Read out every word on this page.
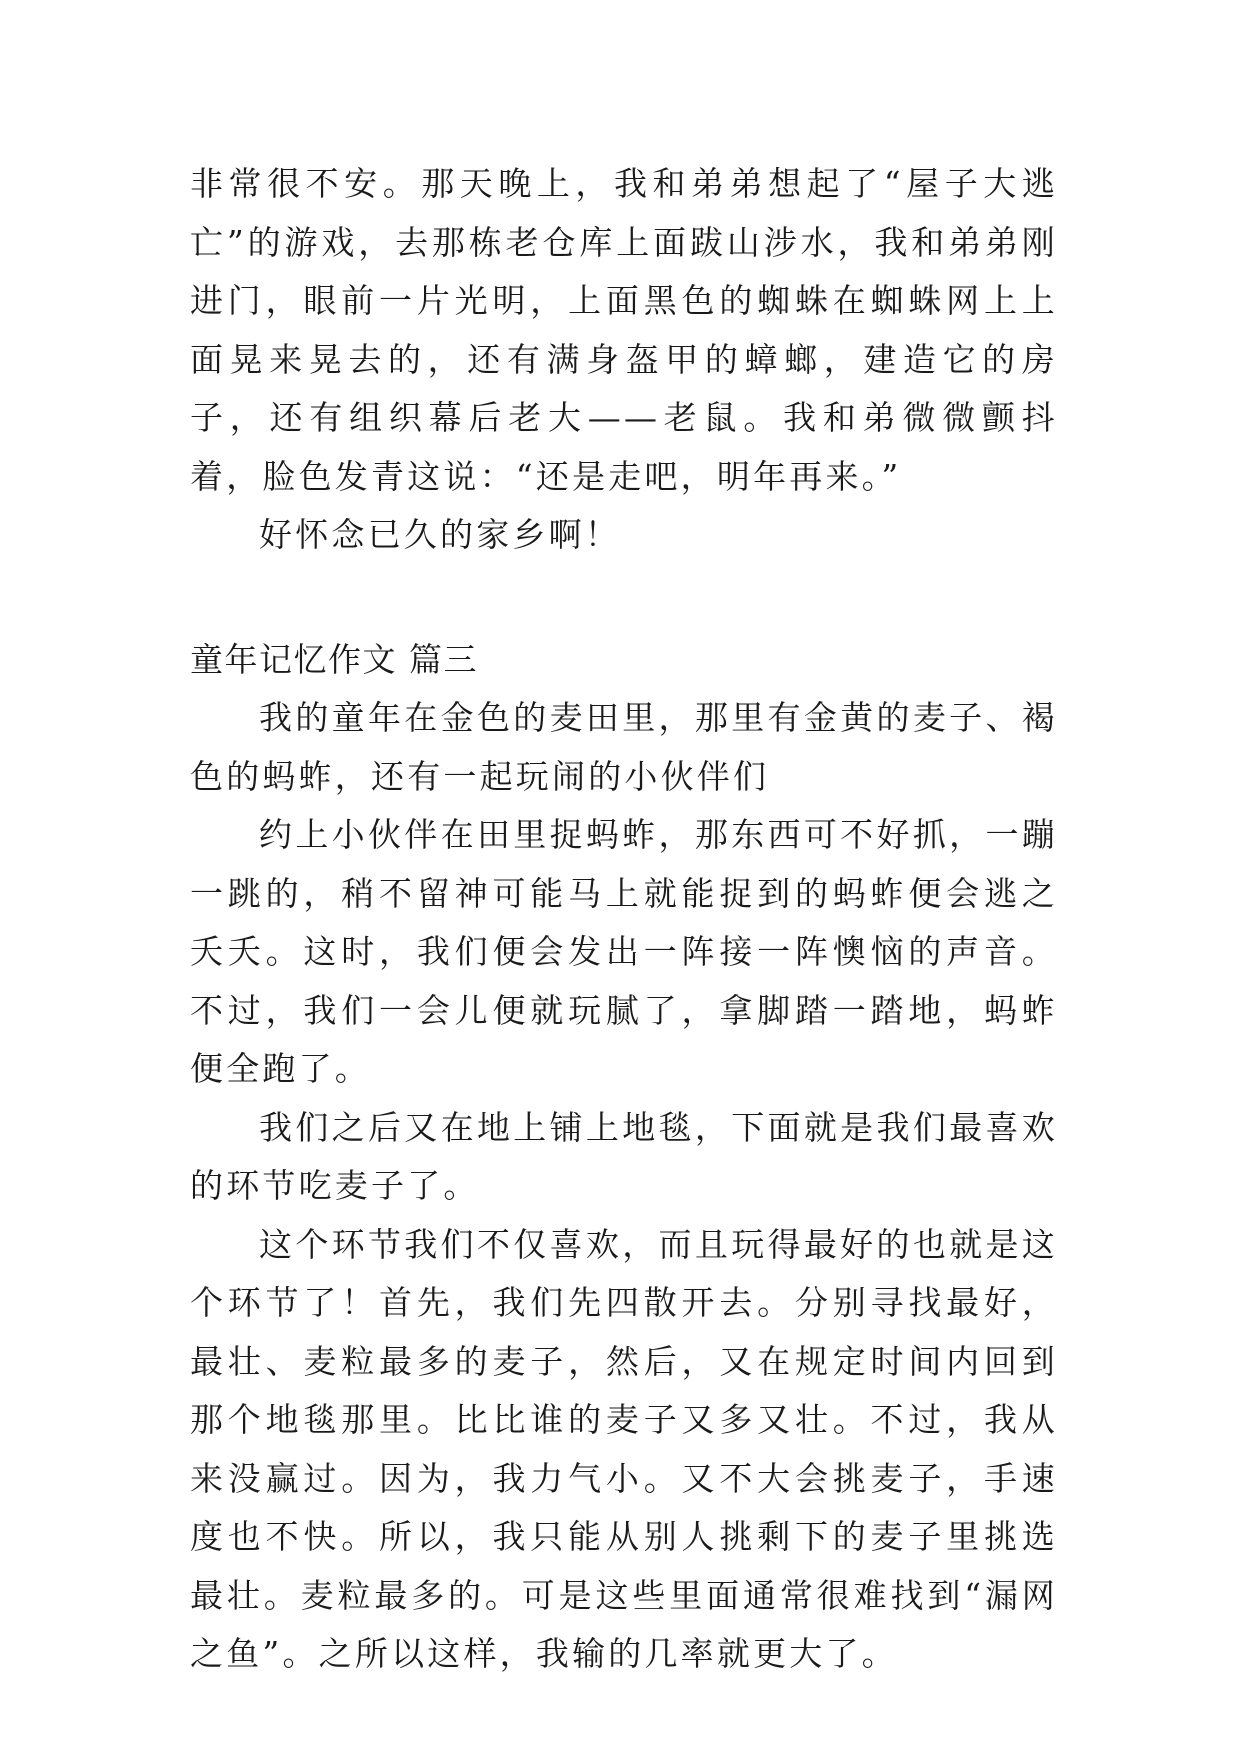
非常很不安。那天晚上，我和弟弟想起了“屋子大逃亡”的游戏，去那栋老仓库上面跋山涉水，我和弟弟刚进门，眼前一片光明，上面黑色的蜘蛛在蜘蛛网上上面晃来晃去的，还有满身盔甲的蟑螂，建造它的房子，还有组织幕后老大——老鼠。我和弟微微颤抖着，脸色发青这说：“还是走吧，明年再来。”

好怀念已久的家乡啊！

童年记忆作文 篇三

我的童年在金色的麦田里，那里有金黄的麦子、褐色的蚂蚱，还有一起玩闹的小伙伴们

约上小伙伴在田里捉蚂蚱，那东西可不好抓，一蹦一跳的，稍不留神可能马上就能捉到的蚂蚱便会逃之夭夭。这时，我们便会发出一阵接一阵懊恼的声音。不过，我们一会儿便就玩腻了，拿脚踏一踏地，蚂蚱便全跑了。

我们之后又在地上铺上地毯，下面就是我们最喜欢的环节吃麦子了。

这个环节我们不仅喜欢，而且玩得最好的也就是这个环节了！首先，我们先四散开去。分别寻找最好，最壮、麦粒最多的麦子，然后，又在规定时间内回到那个地毯那里。比比谁的麦子又多又壮。不过，我从来没赢过。因为，我力气小。又不大会挑麦子，手速度也不快。所以，我只能从别人挑剩下的麦子里挑选最壮。麦粒最多的。可是这些里面通常很难找到“漏网之鱼”。之所以这样，我输的几率就更大了。
